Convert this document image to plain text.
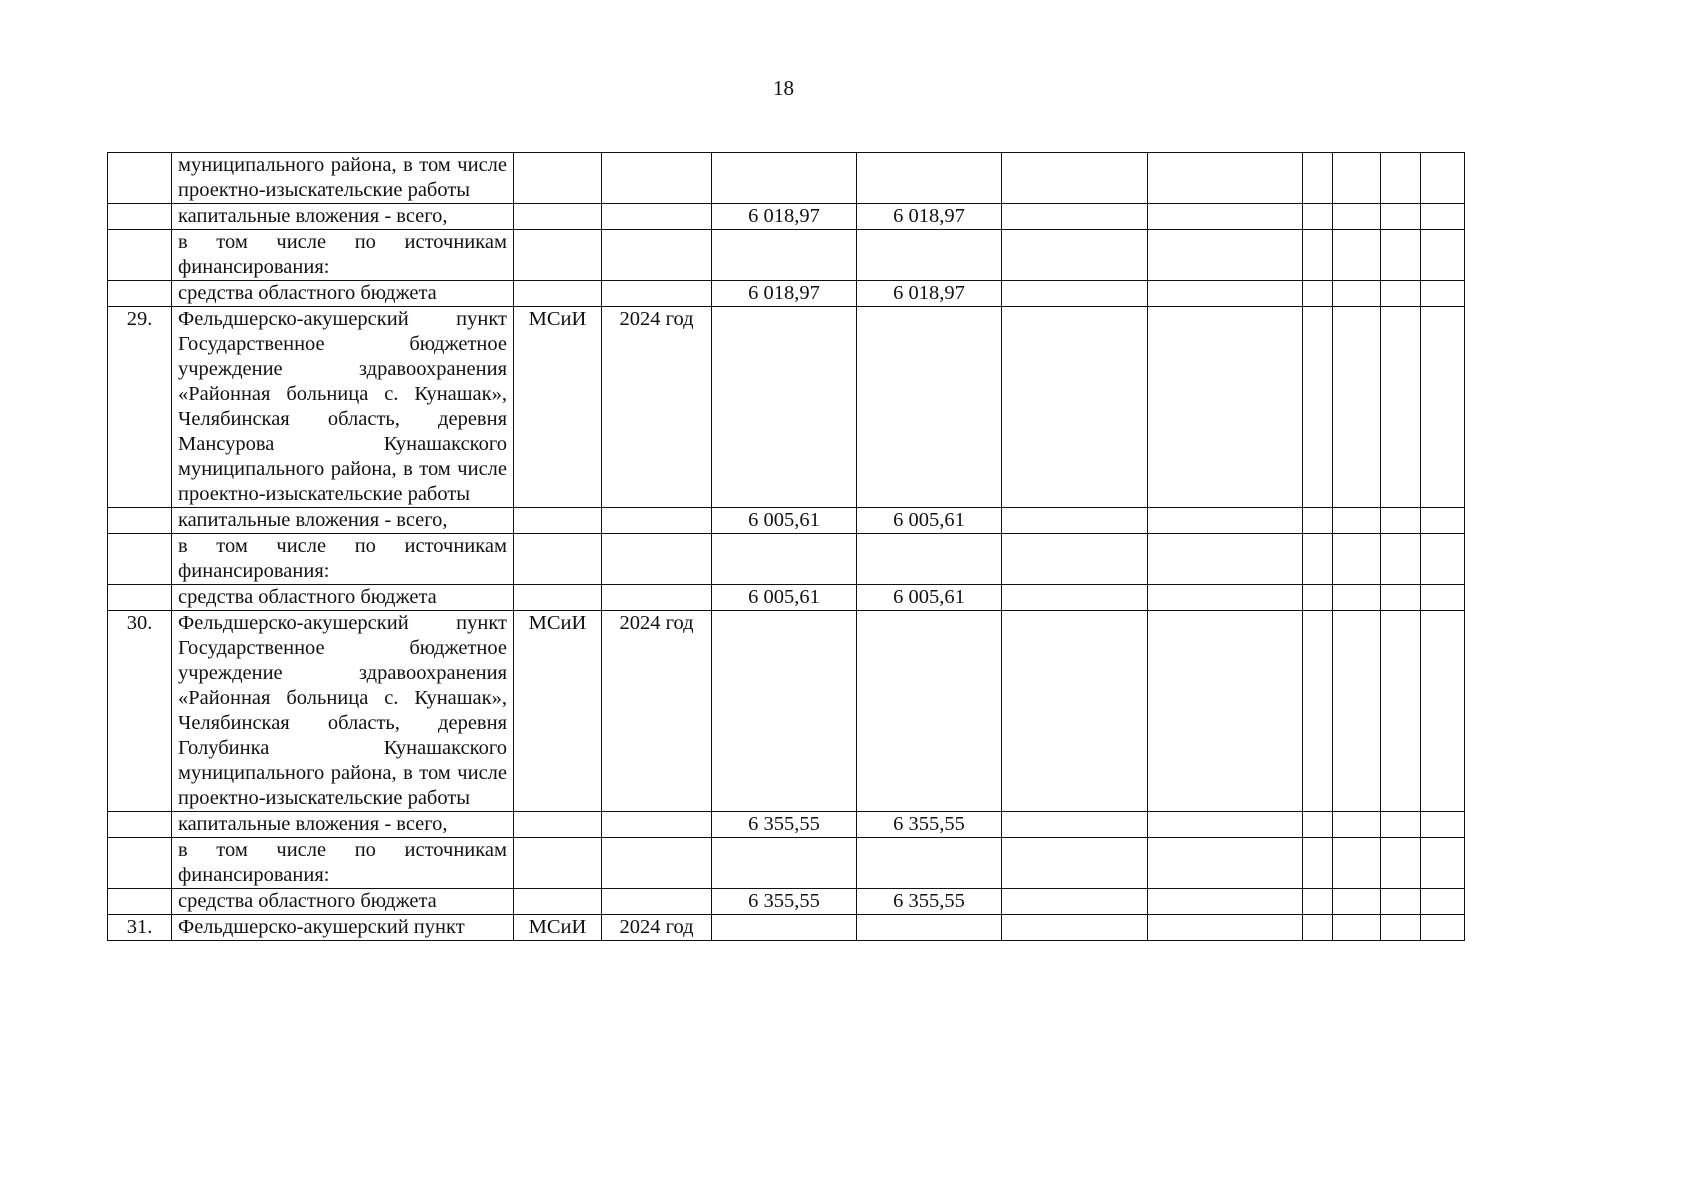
18
	муниципального района, в том числе проектно-изыскательские работы										
	капитальные вложения - всего,			6 018,97	6 018,97						
	в том числе по источникам финансирования:										
	средства областного бюджета			6 018,97	6 018,97						
29.	Фельдшерско-акушерский пункт Государственное бюджетное учреждение здравоохранения «Районная больница с. Кунашак», Челябинская область, деревня Мансурова Кунашакского муниципального района, в том числе проектно-изыскательские работы	МСиИ	2024 год								
	капитальные вложения - всего,			6 005,61	6 005,61						
	в том числе по источникам финансирования:										
	средства областного бюджета			6 005,61	6 005,61						
30.	Фельдшерско-акушерский пункт Государственное бюджетное учреждение здравоохранения «Районная больница с. Кунашак», Челябинская область, деревня Голубинка Кунашакского муниципального района, в том числе проектно-изыскательские работы	МСиИ	2024 год								
	капитальные вложения - всего,			6 355,55	6 355,55						
	в том числе по источникам финансирования:										
	средства областного бюджета			6 355,55	6 355,55						
31.	Фельдшерско-акушерский пункт	МСиИ	2024 год								
